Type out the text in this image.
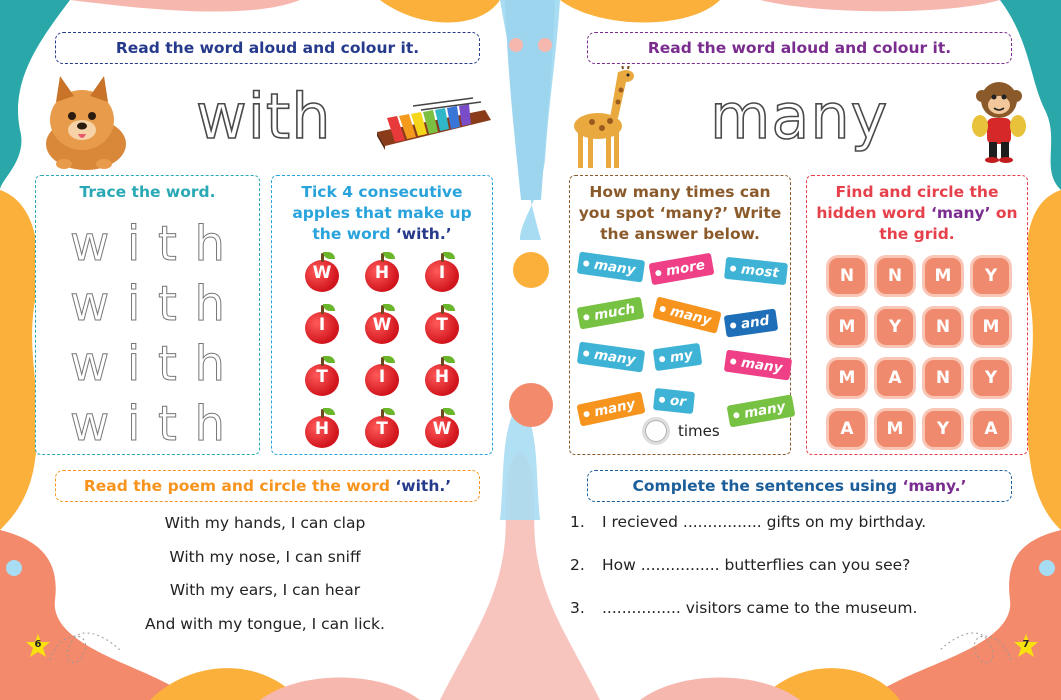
Read the word aloud and colour it.
with
Trace the word.
w i t h
w i t h
w i t h
w i t h
Tick 4 consecutive
apples that make up
the word ‘with.’
W	H	I
I	W	T
T	I	H
H	T	W
Read the poem and circle the word
‘with.’
With my hands, I can clap
With my nose, I can sniff
With my ears, I can hear
And with my tongue, I can lick.
6
Read the word aloud and colour it.
many
How many times can
you spot ‘many?’ Write
the answer below.
many	more	most
much	many	and
many	my	many
many	or	many
times
Find and circle the
hidden word ‘many’ on
the grid.
N	N	M	Y
M	Y	N	M
M	A	N	Y
A	M	Y	A
Complete the sentences using
‘many.’
1. I recieved ................ gifts on my birthday.
2. How ................ butterflies can you see?
3. ................ visitors came to the museum.
7
